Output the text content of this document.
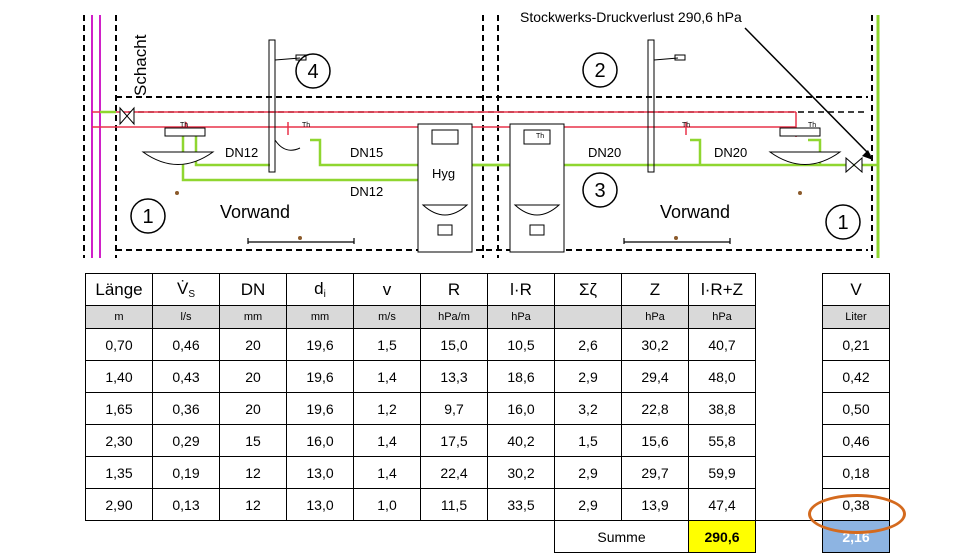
1
2
3
4
1
Schacht
Stockwerks-Druckverlust 290,6 hPa
Vorwand	Vorwand
DN12	DN15
DN12
DN20	DN20
Hyg
Th	Th
Th
Th	Th
Länge	$V̇_S$	DN	$d_i$	v	R	l·R	Σζ	Z	l·R+Z		V
m	l/s	mm	mm	m/s	hPa/m	hPa		hPa	hPa		Liter
0,70	0,46	20	19,6	1,5	15,0	10,5	2,6	30,2	40,7		0,21
1,40	0,43	20	19,6	1,4	13,3	18,6	2,9	29,4	48,0		0,42
1,65	0,36	20	19,6	1,2	9,7	16,0	3,2	22,8	38,8		0,50
2,30	0,29	15	16,0	1,4	17,5	40,2	1,5	15,6	55,8		0,46
1,35	0,19	12	13,0	1,4	22,4	30,2	2,9	29,7	59,9		0,18
2,90	0,13	12	13,0	1,0	11,5	33,5	2,9	13,9	47,4		0,38
							Summe		290,6		2,16
